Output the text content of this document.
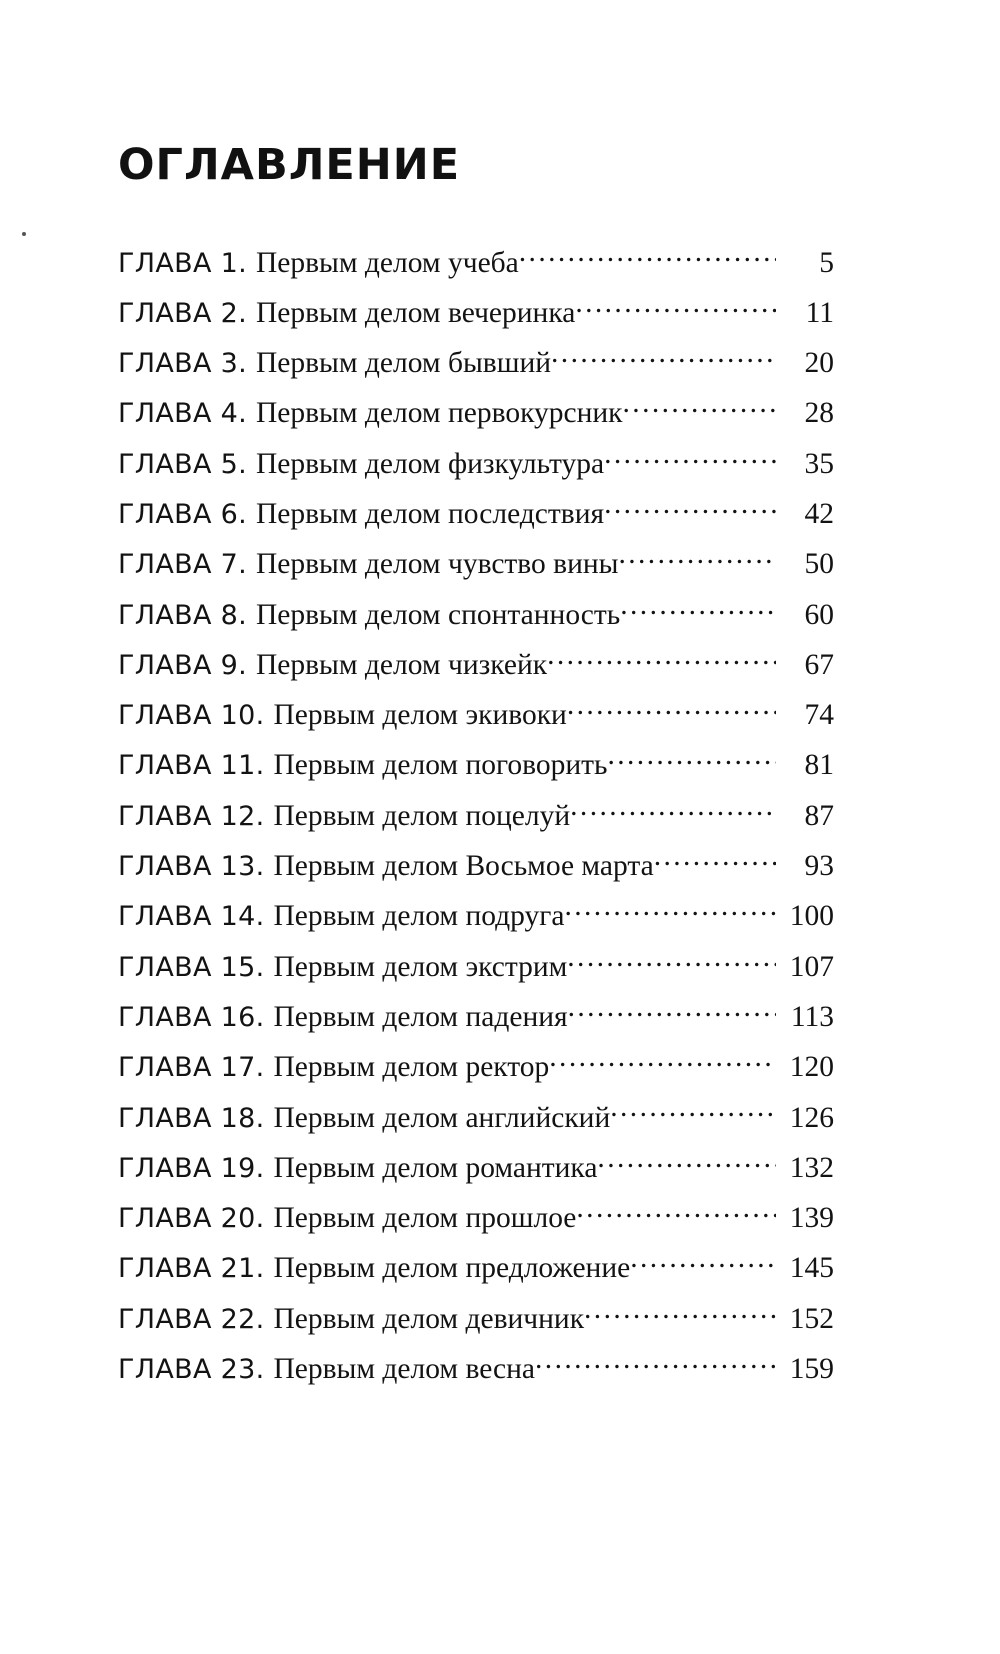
ОГЛАВЛЕНИЕ
ГЛАВА 1. Первым делом учеба .....	5
ГЛАВА 2. Первым делом вечеринка .....	11
ГЛАВА 3. Первым делом бывший .....	20
ГЛАВА 4. Первым делом первокурсник .....	28
ГЛАВА 5. Первым делом физкультура .....	35
ГЛАВА 6. Первым делом последствия .....	42
ГЛАВА 7. Первым делом чувство вины .....	50
ГЛАВА 8. Первым делом спонтанность .....	60
ГЛАВА 9. Первым делом чизкейк .....	67
ГЛАВА 10. Первым делом экивоки .....	74
ГЛАВА 11. Первым делом поговорить .....	81
ГЛАВА 12. Первым делом поцелуй .....	87
ГЛАВА 13. Первым делом Восьмое марта .....	93
ГЛАВА 14. Первым делом подруга .....	100
ГЛАВА 15. Первым делом экстрим .....	107
ГЛАВА 16. Первым делом падения .....	113
ГЛАВА 17. Первым делом ректор .....	120
ГЛАВА 18. Первым делом английский .....	126
ГЛАВА 19. Первым делом романтика .....	132
ГЛАВА 20. Первым делом прошлое .....	139
ГЛАВА 21. Первым делом предложение .....	145
ГЛАВА 22. Первым делом девичник .....	152
ГЛАВА 23. Первым делом весна .....	159
